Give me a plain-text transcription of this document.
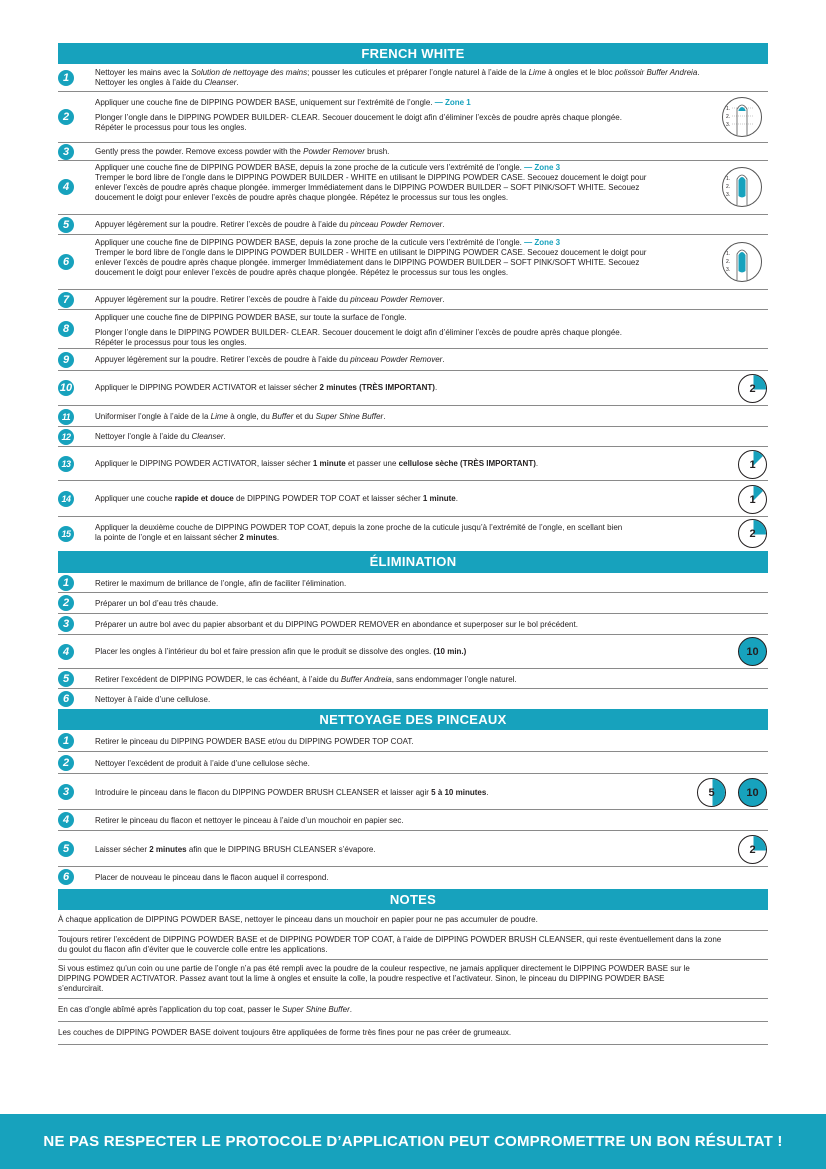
FRENCH WHITE
1	Nettoyer les mains avec la Solution de nettoyage des mains; pousser les cuticules et préparer l’ongle naturel à l’aide de la Lime à ongles et le bloc polissoir Buffer Andreia.

Nettoyer les ongles à l’aide du Cleanser.

2

Appliquer une couche fine de DIPPING POWDER BASE, uniquement sur l’extrémité de l’ongle. — Zone 1

Plonger l’ongle dans le DIPPING POWDER BUILDER- CLEAR. Secouer doucement le doigt afin d’éliminer l’excès de poudre après chaque plongée.

Répéter le processus pour tous les ongles.

1.
2.
3.
3	Gently press the powder. Remove excess powder with the Powder Remover brush.

4

Appliquer une couche fine de DIPPING POWDER BASE, depuis la zone proche de la cuticule vers l’extrémité de l’ongle. — Zone 3

Tremper le bord libre de l’ongle dans le DIPPING POWDER BUILDER - WHITE en utilisant le DIPPING POWDER CASE. Secouez doucement le doigt pour

enlever l’excès de poudre après chaque plongée. immerger Immédiatement dans le DIPPING POWDER BUILDER – SOFT PINK/SOFT WHITE. Secouez

doucement le doigt pour enlever l’excès de poudre après chaque plongée. Répétez le processus sur tous les ongles.

1.
2.
3.
5	Appuyer légèrement sur la poudre. Retirer l’excès de poudre à l’aide du pinceau Powder Remover.

6

Appliquer une couche fine de DIPPING POWDER BASE, depuis la zone proche de la cuticule vers l’extrémité de l’ongle. — Zone 3

Tremper le bord libre de l’ongle dans le DIPPING POWDER BUILDER - WHITE en utilisant le DIPPING POWDER CASE. Secouez doucement le doigt pour

enlever l’excès de poudre après chaque plongée. immerger Immédiatement dans le DIPPING POWDER BUILDER – SOFT PINK/SOFT WHITE. Secouez

doucement le doigt pour enlever l’excès de poudre après chaque plongée. Répétez le processus sur tous les ongles.

1.
2.
3.
7	Appuyer légèrement sur la poudre. Retirer l’excès de poudre à l’aide du pinceau Powder Remover.

8

Appliquer une couche fine de DIPPING POWDER BASE, sur toute la surface de l’ongle.

Plonger l’ongle dans le DIPPING POWDER BUILDER- CLEAR. Secouer doucement le doigt afin d’éliminer l’excès de poudre après chaque plongée.

Répéter le processus pour tous les ongles.

9	Appuyer légèrement sur la poudre. Retirer l’excès de poudre à l’aide du pinceau Powder Remover.

10	Appliquer le DIPPING POWDER ACTIVATOR et laisser sécher 2 minutes (TRÈS IMPORTANT).	2
11	Uniformiser l’ongle à l’aide de la Lime à ongle, du Buffer et du Super Shine Buffer.

12	Nettoyer l’ongle à l’aide du Cleanser.

13	Appliquer le DIPPING POWDER ACTIVATOR, laisser sécher 1 minute et passer une cellulose sèche (TRÈS IMPORTANT).	1
14	Appliquer une couche rapide et douce de DIPPING POWDER TOP COAT et laisser sécher 1 minute.	1
15

Appliquer la deuxième couche de DIPPING POWDER TOP COAT, depuis la zone proche de la cuticule jusqu’à l’extrémité de l’ongle, en scellant bien

la pointe de l’ongle et en laissant sécher 2 minutes.	2
ÉLIMINATION
1	Retirer le maximum de brillance de l’ongle, afin de faciliter l’élimination.

2	Préparer un bol d’eau très chaude.

3	Préparer un autre bol avec du papier absorbant et du DIPPING POWDER REMOVER en abondance et superposer sur le bol précédent.

4	Placer les ongles à l’intérieur du bol et faire pression afin que le produit se dissolve des ongles. (10 min.)	10
5	Retirer l’excédent de DIPPING POWDER, le cas échéant, à l’aide du Buffer Andreia, sans endommager l’ongle naturel.

6	Nettoyer à l’aide d’une cellulose.

NETTOYAGE DES PINCEAUX
1	Retirer le pinceau du DIPPING POWDER BASE et/ou du DIPPING POWDER TOP COAT.

2	Nettoyer l’excédent de produit à l’aide d’une cellulose sèche.

3	Introduire le pinceau dans le flacon du DIPPING POWDER BRUSH CLEANSER et laisser agir 5 à 10 minutes.	5	10
4	Retirer le pinceau du flacon et nettoyer le pinceau à l’aide d’un mouchoir en papier sec.

5	Laisser sécher 2 minutes afin que le DIPPING BRUSH CLEANSER s’évapore.	2
6	Placer de nouveau le pinceau dans le flacon auquel il correspond.

NOTES

À chaque application de DIPPING POWDER BASE, nettoyer le pinceau dans un mouchoir en papier pour ne pas accumuler de poudre.

Toujours retirer l’excédent de DIPPING POWDER BASE et de DIPPING POWDER TOP COAT, à l’aide de DIPPING POWDER BRUSH CLEANSER, qui reste éventuellement dans la zone

du goulot du flacon afin d’éviter que le couvercle colle entre les applications.

Si vous estimez qu’un coin ou une partie de l’ongle n’a pas été rempli avec la poudre de la couleur respective, ne jamais appliquer directement le DIPPING POWDER BASE sur le

DIPPING POWDER ACTIVATOR. Passez avant tout la lime à ongles et ensuite la colle, la poudre respective et l’activateur. Sinon, le pinceau du DIPPING POWDER BASE

s’endurcirait.

En cas d’ongle abîmé après l’application du top coat, passer le Super Shine Buffer.

Les couches de DIPPING POWDER BASE doivent toujours être appliquées de forme très fines pour ne pas créer de grumeaux.

NE PAS RESPECTER LE PROTOCOLE D’APPLICATION PEUT COMPROMETTRE UN BON RÉSULTAT !
